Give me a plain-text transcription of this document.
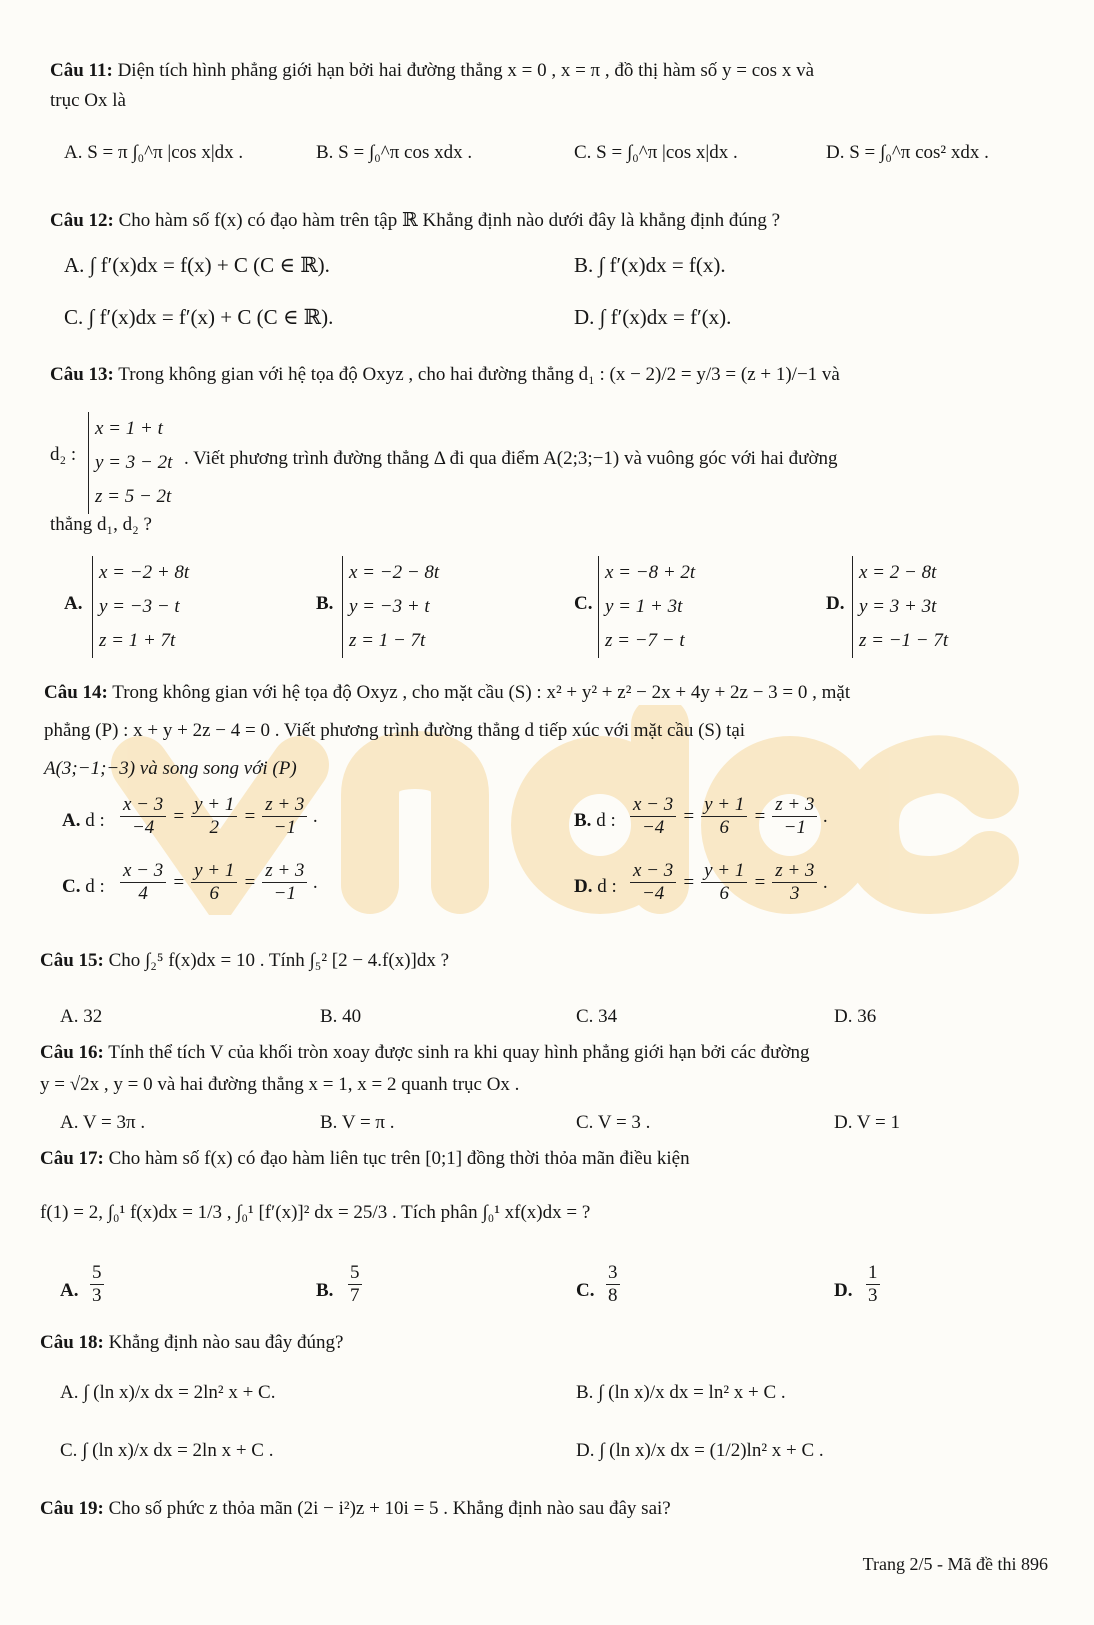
Câu 11: Diện tích hình phẳng giới hạn bởi hai đường thẳng x = 0 , x = π , đồ thị hàm số y = cos x và
trục Ox là
A. S = π ∫₀^π |cos x|dx .	B. S = ∫₀^π cos xdx .	C. S = ∫₀^π |cos x|dx .	D. S = ∫₀^π cos² xdx .
Câu 12: Cho hàm số f(x) có đạo hàm trên tập ℝ Khẳng định nào dưới đây là khẳng định đúng ?
A. ∫ f′(x)dx = f(x) + C (C ∈ ℝ).	B. ∫ f′(x)dx = f(x).
C. ∫ f′(x)dx = f′(x) + C (C ∈ ℝ).	D. ∫ f′(x)dx = f′(x).
Câu 13: Trong không gian với hệ tọa độ Oxyz , cho hai đường thẳng d₁ : (x − 2)/2 = y/3 = (z + 1)/−1 và
d₂ :
x = 1 + t
y = 3 − 2t
z = 5 − 2t
. Viết phương trình đường thẳng Δ đi qua điểm A(2;3;−1) và vuông góc với hai đường
thẳng d₁, d₂ ?
A.
x = −2 + 8t
y = −3 − t
z = 1 + 7t
B.
x = −2 − 8t
y = −3 + t
z = 1 − 7t
C.
x = −8 + 2t
y = 1 + 3t
z = −7 − t
D.
x = 2 − 8t
y = 3 + 3t
z = −1 − 7t
Câu 14: Trong không gian với hệ tọa độ Oxyz , cho mặt cầu (S) : x² + y² + z² − 2x + 4y + 2z − 3 = 0 , mặt
phẳng (P) : x + y + 2z − 4 = 0 . Viết phương trình đường thẳng d tiếp xúc với mặt cầu (S) tại
A(3;−1;−3) và song song với (P)
A. d : $\frac{x - 3}{-4} = \frac{y + 1}{2} = \frac{z + 3}{-1}$ .	B. d : $\frac{x - 3}{-4} = \frac{y + 1}{6} = \frac{z + 3}{-1}$ .
C. d : $\frac{x - 3}{4} = \frac{y + 1}{6} = \frac{z + 3}{-1}$ .	D. d : $\frac{x - 3}{-4} = \frac{y + 1}{6} = \frac{z + 3}{3}$ .
Câu 15: Cho ∫₂⁵ f(x)dx = 10 . Tính ∫₅² [2 − 4.f(x)]dx ?
A. 32	B. 40	C. 34	D. 36
Câu 16: Tính thể tích V của khối tròn xoay được sinh ra khi quay hình phẳng giới hạn bởi các đường
y = √2x , y = 0 và hai đường thẳng x = 1, x = 2 quanh trục Ox .
A. V = 3π .	B. V = π .	C. V = 3 .	D. V = 1
Câu 17: Cho hàm số f(x) có đạo hàm liên tục trên [0;1] đồng thời thỏa mãn điều kiện
f(1) = 2, ∫₀¹ f(x)dx = 1/3 , ∫₀¹ [f′(x)]² dx = 25/3 . Tích phân ∫₀¹ xf(x)dx = ?
A.
5
3	B.
5
7	C.
3
8	D.
1
3
Câu 18: Khẳng định nào sau đây đúng?
A. ∫ (ln x)/x dx = 2ln² x + C.	B. ∫ (ln x)/x dx = ln² x + C .
C. ∫ (ln x)/x dx = 2ln x + C .	D. ∫ (ln x)/x dx = (1/2)ln² x + C .
Câu 19: Cho số phức z thỏa mãn (2i − i²)z + 10i = 5 . Khẳng định nào sau đây sai?
Trang 2/5 - Mã đề thi 896
